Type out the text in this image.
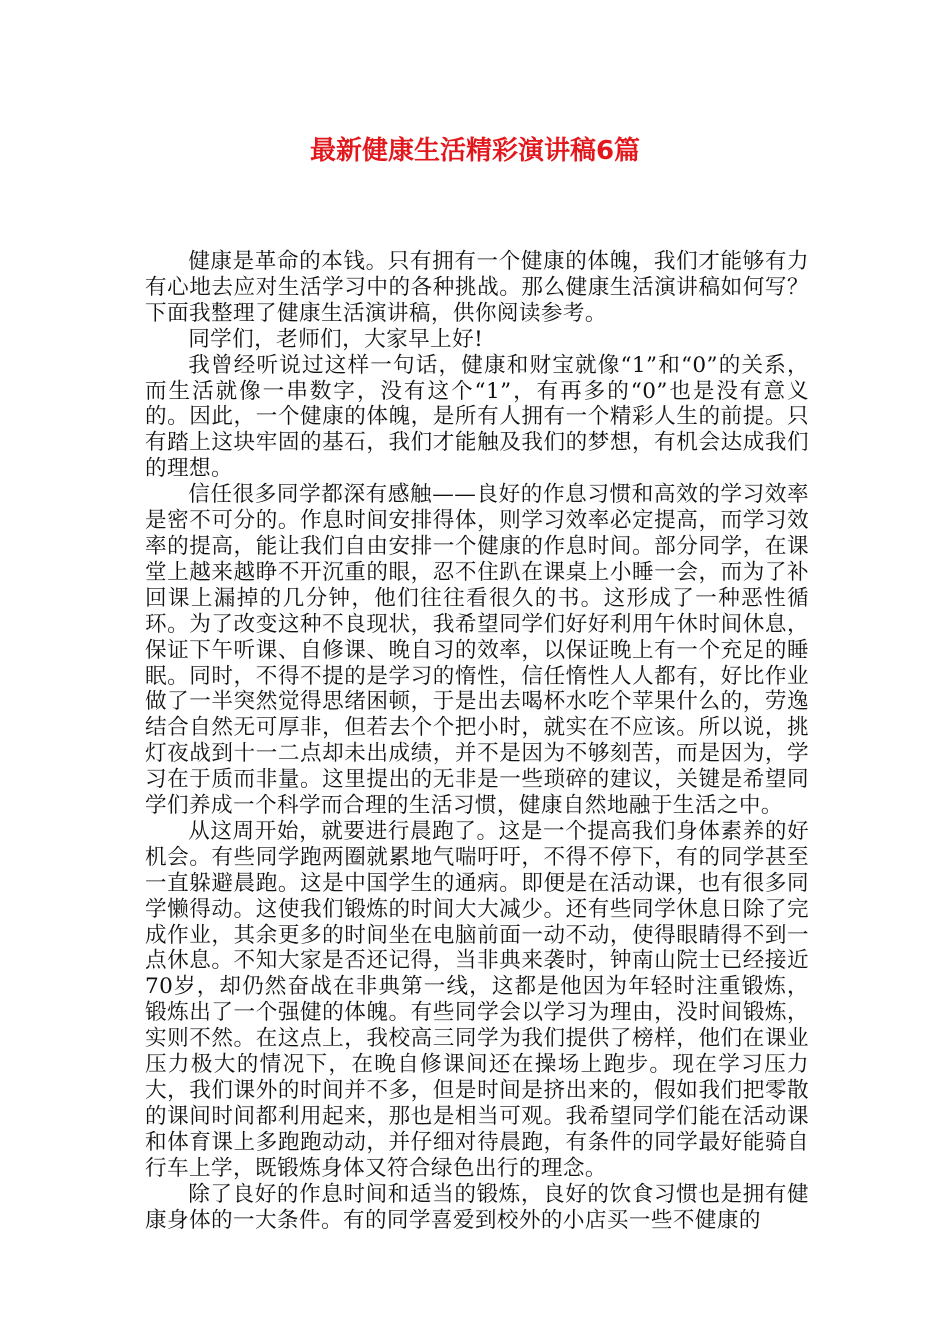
最新健康生活精彩演讲稿6篇

健康是革命的本钱。只有拥有一个健康的体魄，我们才能够有力有心地去应对生活学习中的各种挑战。那么健康生活演讲稿如何写？下面我整理了健康生活演讲稿，供你阅读参考。

同学们，老师们，大家早上好!

我曾经听说过这样一句话，健康和财宝就像“1”和“0”的关系，而生活就像一串数字，没有这个“1”，有再多的“0”也是没有意义的。因此，一个健康的体魄，是所有人拥有一个精彩人生的前提。只有踏上这块牢固的基石，我们才能触及我们的梦想，有机会达成我们的理想。

信任很多同学都深有感触——良好的作息习惯和高效的学习效率是密不可分的。作息时间安排得体，则学习效率必定提高，而学习效率的提高，能让我们自由安排一个健康的作息时间。部分同学，在课堂上越来越睁不开沉重的眼，忍不住趴在课桌上小睡一会，而为了补回课上漏掉的几分钟，他们往往看很久的书。这形成了一种恶性循环。为了改变这种不良现状，我希望同学们好好利用午休时间休息，保证下午听课、自修课、晚自习的效率，以保证晚上有一个充足的睡眠。同时，不得不提的是学习的惰性，信任惰性人人都有，好比作业做了一半突然觉得思绪困顿，于是出去喝杯水吃个苹果什么的，劳逸结合自然无可厚非，但若去个个把小时，就实在不应该。所以说，挑灯夜战到十一二点却未出成绩，并不是因为不够刻苦，而是因为，学习在于质而非量。这里提出的无非是一些琐碎的建议，关键是希望同学们养成一个科学而合理的生活习惯，健康自然地融于生活之中。

从这周开始，就要进行晨跑了。这是一个提高我们身体素养的好机会。有些同学跑两圈就累地气喘吁吁，不得不停下，有的同学甚至一直躲避晨跑。这是中国学生的通病。即便是在活动课，也有很多同学懒得动。这使我们锻炼的时间大大减少。还有些同学休息日除了完成作业，其余更多的时间坐在电脑前面一动不动，使得眼睛得不到一点休息。不知大家是否还记得，当非典来袭时，钟南山院士已经接近70岁，却仍然奋战在非典第一线，这都是他因为年轻时注重锻炼，锻炼出了一个强健的体魄。有些同学会以学习为理由，没时间锻炼，实则不然。在这点上，我校高三同学为我们提供了榜样，他们在课业压力极大的情况下，在晚自修课间还在操场上跑步。现在学习压力大，我们课外的时间并不多，但是时间是挤出来的，假如我们把零散的课间时间都利用起来，那也是相当可观。我希望同学们能在活动课和体育课上多跑跑动动，并仔细对待晨跑，有条件的同学最好能骑自行车上学，既锻炼身体又符合绿色出行的理念。

除了良好的作息时间和适当的锻炼，良好的饮食习惯也是拥有健康身体的一大条件。有的同学喜爱到校外的小店买一些不健康的
